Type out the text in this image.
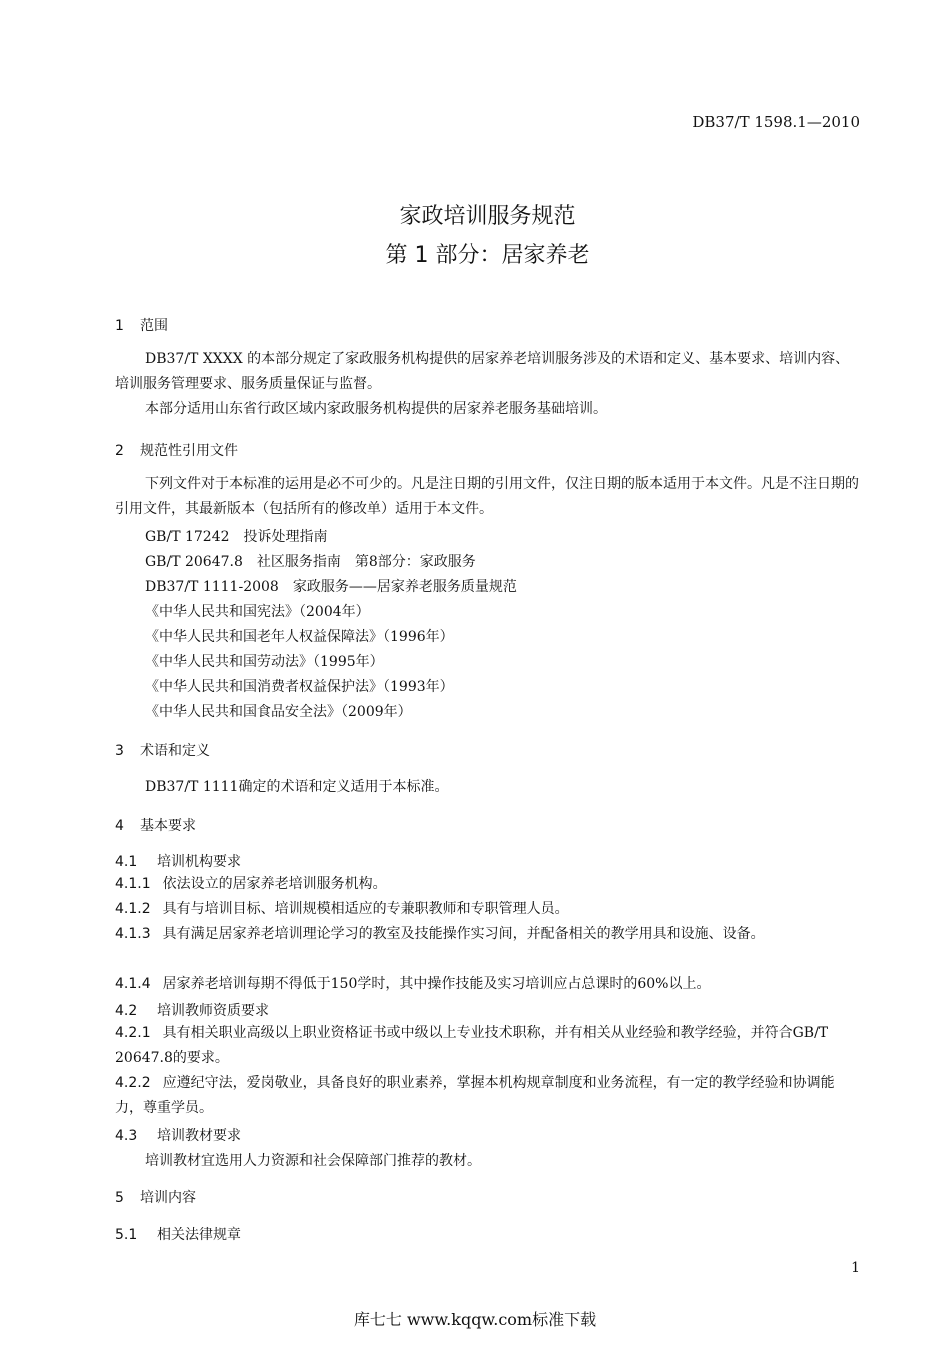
DB37/T 1598.1—2010
家政培训服务规范
第 1 部分：居家养老
1 范围
DB37/T XXXX 的本部分规定了家政服务机构提供的居家养老培训服务涉及的术语和定义、基本要求、培训内容、培训服务管理要求、服务质量保证与监督。
本部分适用山东省行政区域内家政服务机构提供的居家养老服务基础培训。
2 规范性引用文件
下列文件对于本标准的运用是必不可少的。凡是注日期的引用文件，仅注日期的版本适用于本文件。凡是不注日期的引用文件，其最新版本（包括所有的修改单）适用于本文件。
GB/T 17242　投诉处理指南
GB/T 20647.8　社区服务指南　第8部分：家政服务
DB37/T 1111-2008　家政服务——居家养老服务质量规范
《中华人民共和国宪法》（2004年）
《中华人民共和国老年人权益保障法》（1996年）
《中华人民共和国劳动法》（1995年）
《中华人民共和国消费者权益保护法》（1993年）
《中华人民共和国食品安全法》（2009年）
3 术语和定义
DB37/T 1111确定的术语和定义适用于本标准。
4 基本要求
4.1 培训机构要求
4.1.1 依法设立的居家养老培训服务机构。
4.1.2 具有与培训目标、培训规模相适应的专兼职教师和专职管理人员。
4.1.3 具有满足居家养老培训理论学习的教室及技能操作实习间，并配备相关的教学用具和设施、设备。
4.1.4 居家养老培训每期不得低于150学时，其中操作技能及实习培训应占总课时的60%以上。
4.2 培训教师资质要求
4.2.1 具有相关职业高级以上职业资格证书或中级以上专业技术职称，并有相关从业经验和教学经验，并符合GB/T 20647.8的要求。
4.2.2 应遵纪守法，爱岗敬业，具备良好的职业素养，掌握本机构规章制度和业务流程，有一定的教学经验和协调能力，尊重学员。
4.3 培训教材要求
培训教材宜选用人力资源和社会保障部门推荐的教材。
5 培训内容
5.1 相关法律规章
1
库七七 www.kqqw.com标准下载
